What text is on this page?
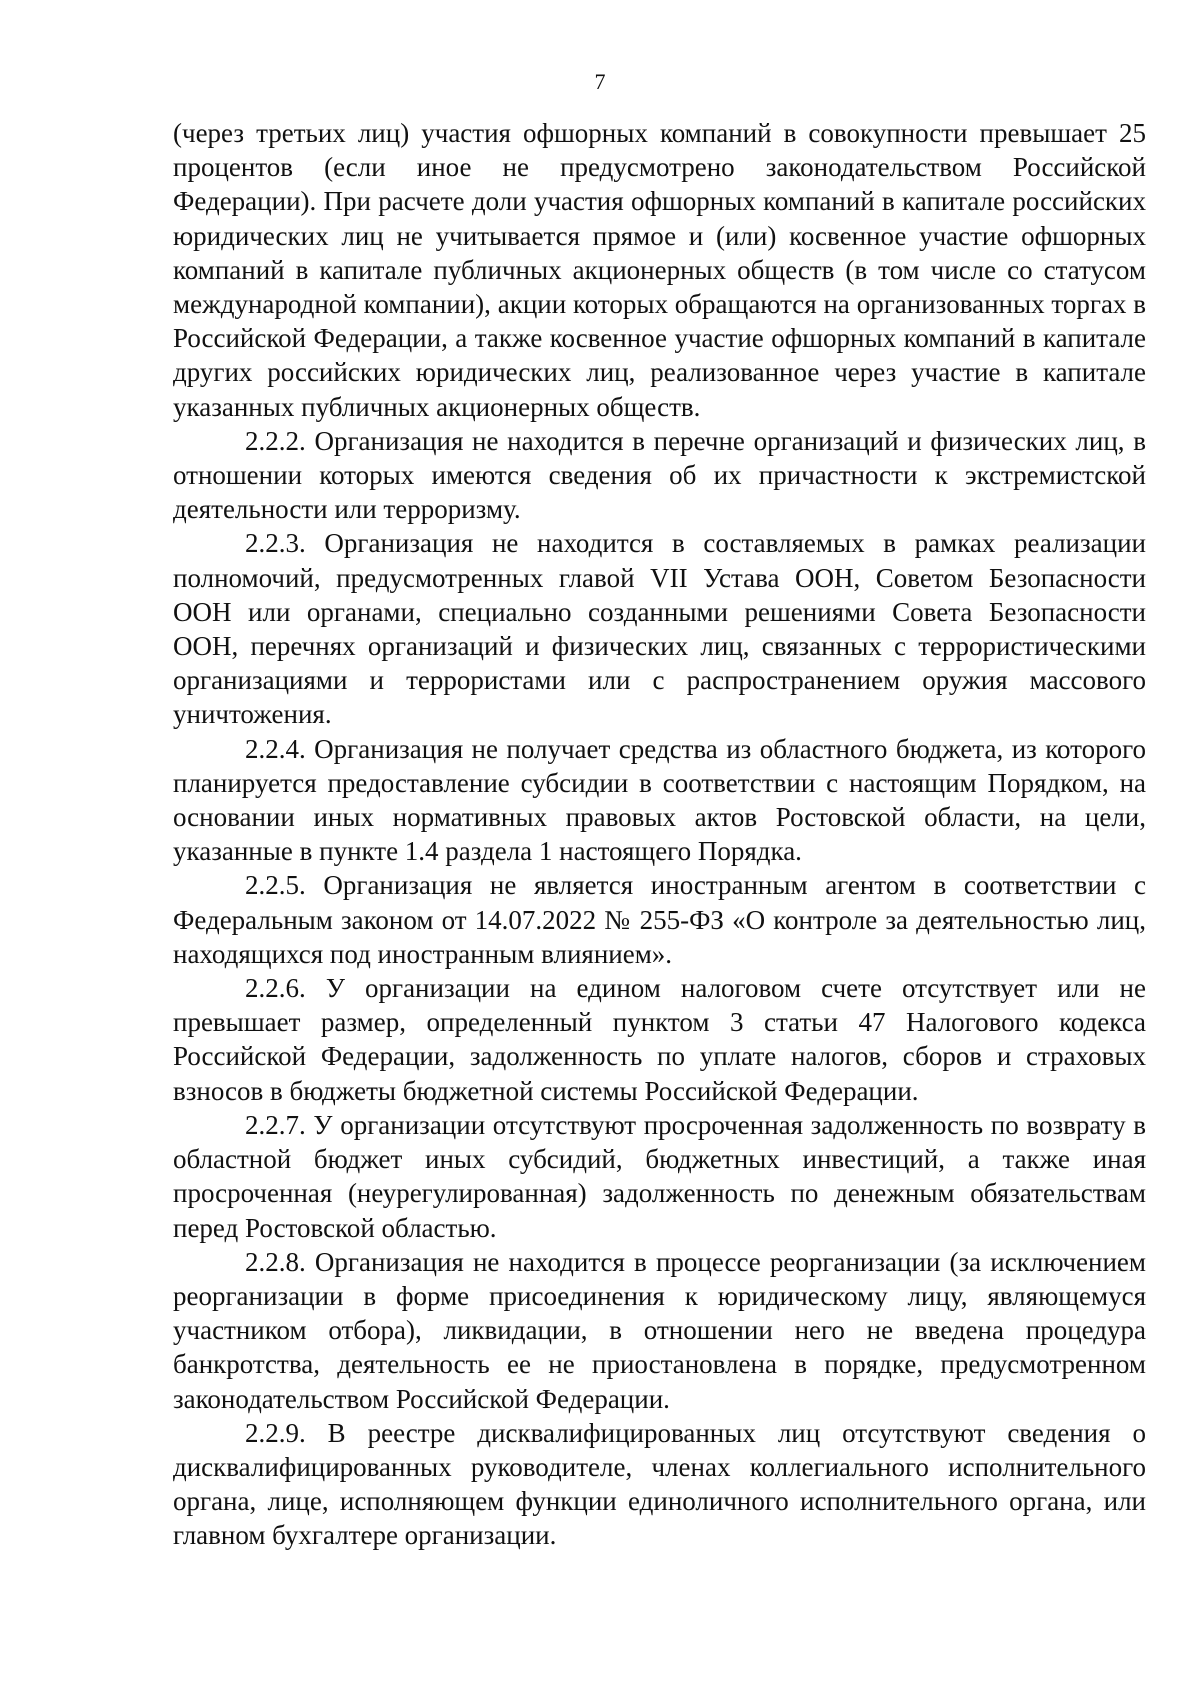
7

(через третьих лиц) участия офшорных компаний в совокупности превышает 25 процентов (если иное не предусмотрено законодательством Российской Федерации). При расчете доли участия офшорных компаний в капитале российских юридических лиц не учитывается прямое и (или) косвенное участие офшорных компаний в капитале публичных акционерных обществ (в том числе со статусом международной компании), акции которых обращаются на организованных торгах в Российской Федерации, а также косвенное участие офшорных компаний в капитале других российских юридических лиц, реализованное через участие в капитале указанных публичных акционерных обществ.

2.2.2. Организация не находится в перечне организаций и физических лиц, в отношении которых имеются сведения об их причастности к экстремистской деятельности или терроризму.

2.2.3. Организация не находится в составляемых в рамках реализации полномочий, предусмотренных главой VII Устава ООН, Советом Безопасности ООН или органами, специально созданными решениями Совета Безопасности ООН, перечнях организаций и физических лиц, связанных с террористическими организациями и террористами или с распространением оружия массового уничтожения.

2.2.4. Организация не получает средства из областного бюджета, из которого планируется предоставление субсидии в соответствии с настоящим Порядком, на основании иных нормативных правовых актов Ростовской области, на цели, указанные в пункте 1.4 раздела 1 настоящего Порядка.

2.2.5. Организация не является иностранным агентом в соответствии с Федеральным законом от 14.07.2022 № 255-ФЗ «О контроле за деятельностью лиц, находящихся под иностранным влиянием».

2.2.6. У организации на едином налоговом счете отсутствует или не превышает размер, определенный пунктом 3 статьи 47 Налогового кодекса Российской Федерации, задолженность по уплате налогов, сборов и страховых взносов в бюджеты бюджетной системы Российской Федерации.

2.2.7. У организации отсутствуют просроченная задолженность по возврату в областной бюджет иных субсидий, бюджетных инвестиций, а также иная просроченная (неурегулированная) задолженность по денежным обязательствам перед Ростовской областью.

2.2.8. Организация не находится в процессе реорганизации (за исключением реорганизации в форме присоединения к юридическому лицу, являющемуся участником отбора), ликвидации, в отношении него не введена процедура банкротства, деятельность ее не приостановлена в порядке, предусмотренном законодательством Российской Федерации.

2.2.9. В реестре дисквалифицированных лиц отсутствуют сведения о дисквалифицированных руководителе, членах коллегиального исполнительного органа, лице, исполняющем функции единоличного исполнительного органа, или главном бухгалтере организации.
